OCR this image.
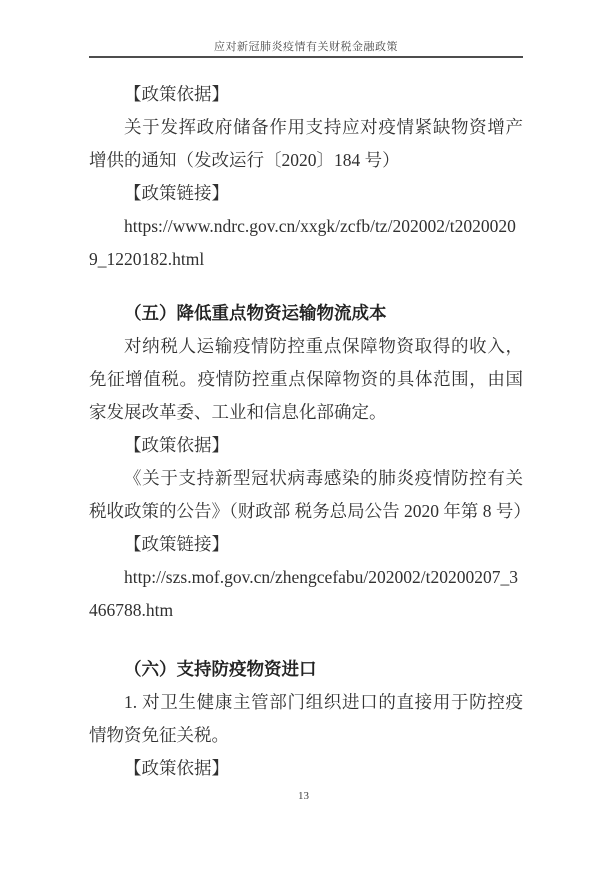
应对新冠肺炎疫情有关财税金融政策

【政策依据】

关于发挥政府储备作用支持应对疫情紧缺物资增产增供的通知（发改运行〔2020〕184 号）

【政策链接】

https://www.ndrc.gov.cn/xxgk/zcfb/tz/202002/t20200209_1220182.html

（五）降低重点物资运输物流成本

对纳税人运输疫情防控重点保障物资取得的收入，免征增值税。疫情防控重点保障物资的具体范围，由国家发展改革委、工业和信息化部确定。

【政策依据】

《关于支持新型冠状病毒感染的肺炎疫情防控有关税收政策的公告》（财政部 税务总局公告 2020 年第 8 号）

【政策链接】

http://szs.mof.gov.cn/zhengcefabu/202002/t20200207_3466788.htm

（六）支持防疫物资进口

1. 对卫生健康主管部门组织进口的直接用于防控疫情物资免征关税。

【政策依据】

13
